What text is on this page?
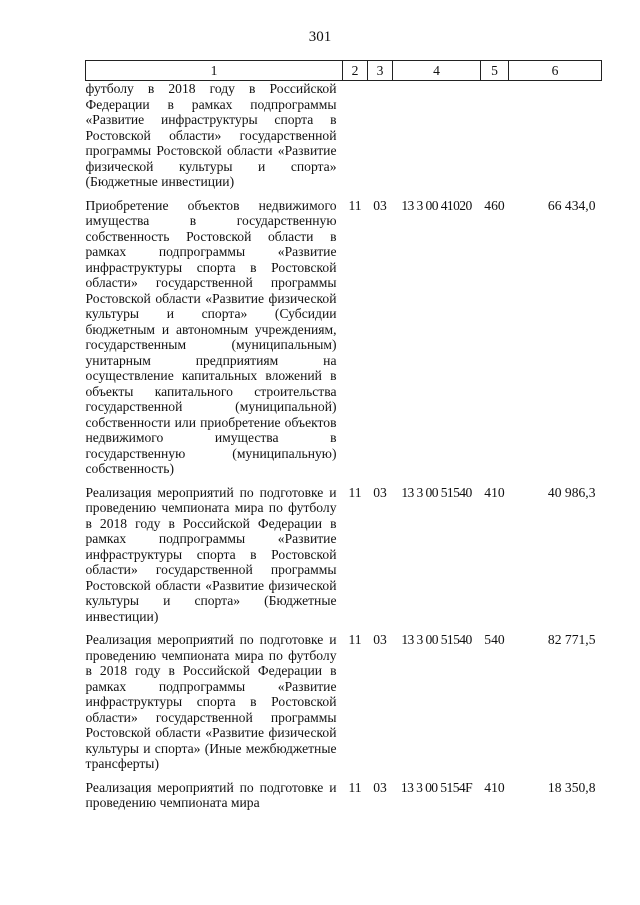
301
1	2	3	4	5	6
футболу в 2018 году в Российской Федерации в рамках подпрограммы «Развитие инфраструктуры спорта в Ростовской области» государственной программы Ростовской области «Развитие физической культуры и спорта» (Бюджетные инвестиции)					

Приобретение объектов недвижимого имущества в государственную собственность Ростовской области в рамках подпрограммы «Развитие инфраструктуры спорта в Ростовской области» государственной программы Ростовской области «Развитие физической культуры и спорта» (Субсидии бюджетным и автономным учреждениям, государственным (муниципальным) унитарным предприятиям на осуществление капитальных вложений в объекты капитального строительства государственной (муниципальной) собственности или приобретение объектов недвижимого имущества в государственную (муниципальную) собственность)	11	03	13 3 00 41020	460	66 434,0

Реализация мероприятий по подготовке и проведению чемпионата мира по футболу в 2018 году в Российской Федерации в рамках подпрограммы «Развитие инфраструктуры спорта в Ростовской области» государственной программы Ростовской области «Развитие физической культуры и спорта» (Бюджетные инвестиции)	11	03	13 3 00 51540	410	40 986,3

Реализация мероприятий по подготовке и проведению чемпионата мира по футболу в 2018 году в Российской Федерации в рамках подпрограммы «Развитие инфраструктуры спорта в Ростовской области» государственной программы Ростовской области «Развитие физической культуры и спорта» (Иные межбюджетные трансферты)	11	03	13 3 00 51540	540	82 771,5

Реализация мероприятий по подготовке и проведению чемпионата мира	11	03	13 3 00 5154F	410	18 350,8
